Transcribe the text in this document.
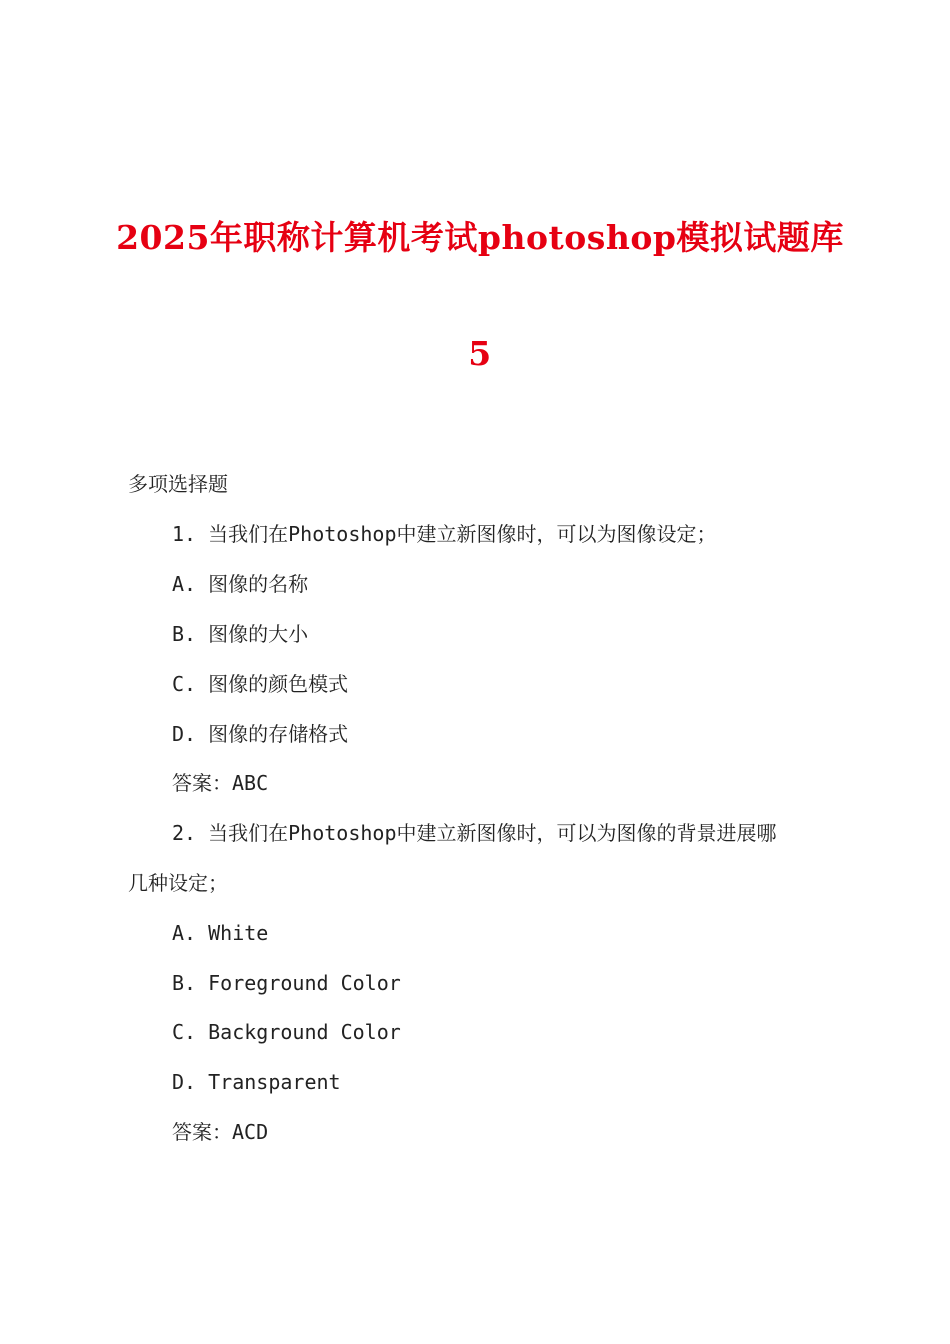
2025年职称计算机考试photoshop模拟试题库
5
多项选择题
1. 当我们在Photoshop中建立新图像时，可以为图像设定；
A. 图像的名称
B. 图像的大小
C. 图像的颜色模式
D. 图像的存储格式
答案：ABC
2. 当我们在Photoshop中建立新图像时，可以为图像的背景进展哪
几种设定；
A. White
B. Foreground Color
C. Background Color
D. Transparent
答案：ACD
